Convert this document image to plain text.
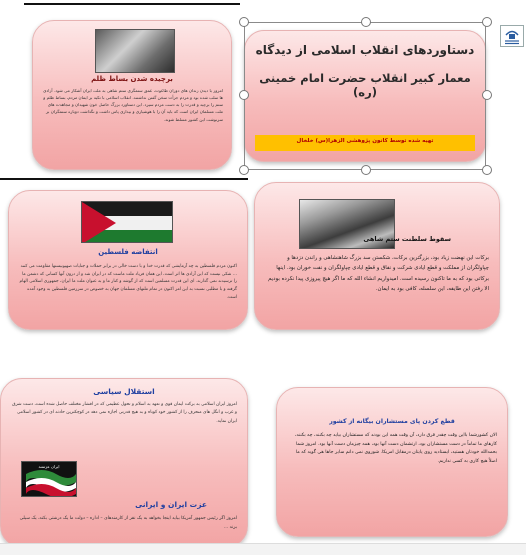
برچیده شدن بساط ظلم
امروز با دیدن زندان های دوران طاغوت، عمق ستمگری ستم شاهی به ملت ایران آشکار می شود. آزادی ها سلب شده بود و مردم جرأت سخن گفتن نداشتند. انقلاب اسلامی با تکیه بر ایمان مردم، بساط ظلم و ستم را برچید و قدرت را به دست مردم سپرد. این دستاورد بزرگ حاصل خون شهیدان و مجاهدت های ملت مسلمان ایران است که باید آن را با هوشیاری و بیداری پاس داشت و نگذاشت دوباره ستمگران بر سرنوشت این کشور مسلط شوند.
دستاوردهای انقلاب اسلامی از دیدگاه
معمار کبیر انقلاب حضرت امام خمینی (ره)
تهیه شده توسط کانون پژوهشی الزهرا(س) خلخال
انتفاضه فلسطین
اکنون مردم فلسطین به چه آزمایشی که قدرت خدا و با دست خالی در برابر حملات و جنایات صهیونیستها مقاومت می کنند … شکی نیست که این آزادی ها اثر است، این همان فریاد ملت ماست که در ایران شد و از درون آنها کسانی که دشمن ما را ترسیدند نمی گذارند. ای این قدرت مسلمین است که از گوشه و کنار ما و به عنوان ملت ما ایران، جمهوری اسلامی الهام گرفته و با مطلبی نسبت به این امر اکنون در تمام ملتهای مسلمان جهان به خصوص در سرزمین فلسطین به وجود آمده است.
سقوط سلطنت ستم شاهی
برکات این نهضت زیاد بود، بزرگترین برکات، شکستن سد بزرگ شاهنشاهی و راندن دزدها و چپاولگران از مملکت و قطع ایادی شرکت و نفاق و قطع ایادی چپاولگران و نفت خوران بود. اینها برکاتی بود که به ما تاکنون رسیده است. امیدواریم انشاء الله که ما اگر هیچ پیروزی پیدا نکرده بودیم الا رفتن این طایفه، این سلسله، کافی بود به ایمان.
استقلال سیاسی
امروز ایران اسلامی به برکت ایمان قوی و تعهد به اسلام و تحول عظیمی که در افشار مختلف حاصل شده است، دست شرق و غرب و انگل های منحرف را از کشور خود کوتاه و به هیچ قدرتی اجازه نمی دهد در کوچکترین حادثه ای در کشور اسلامی ایران نماید.
ایران عزتمند
عزت ایران و ایرانی
امروز اگر رئیس جمهور آمریکا بیاید اینجا بخواهد به یک نفر از کارمندهای – اداره – دولت ما یک درشتی بکند، یک سیلی بزند …
قطع کردن پای مستشاران بیگانه از کشور
الان کشورشما بااین وقت چقدر فرق دارد، آن وقت همه این بودند که مستشاران بیاید چه بکنند، چه بکنند، کارهای ما تماماً در دست مستشاران بود، ارتشمان دست آنها بود، همه چیزمان دست آنها بود. امروز شما بحمدالله خودتان هستید، ایستادید روی پایتان درمقابل امریکا. شوروی نمی دانم سایر جاها هی گوید که ما اصلاً هیچ کاری به کسی نداریم.
